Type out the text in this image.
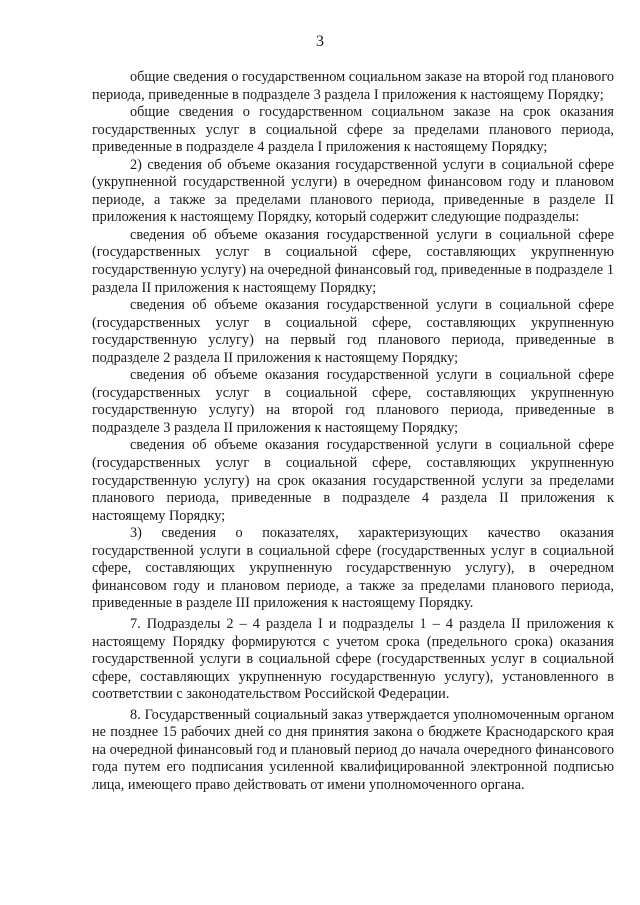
3

общие сведения о государственном социальном заказе на второй год планового периода, приведенные в подразделе 3 раздела I приложения к настоящему Порядку;

общие сведения о государственном социальном заказе на срок оказания государственных услуг в социальной сфере за пределами планового периода, приведенные в подразделе 4 раздела I приложения к настоящему Порядку;

2) сведения об объеме оказания государственной услуги в социальной сфере (укрупненной государственной услуги) в очередном финансовом году и плановом периоде, а также за пределами планового периода, приведенные в разделе II приложения к настоящему Порядку, который содержит следующие подразделы:

сведения об объеме оказания государственной услуги в социальной сфере (государственных услуг в социальной сфере, составляющих укрупненную государственную услугу) на очередной финансовый год, приведенные в подразделе 1 раздела II приложения к настоящему Порядку;

сведения об объеме оказания государственной услуги в социальной сфере (государственных услуг в социальной сфере, составляющих укрупненную государственную услугу) на первый год планового периода, приведенные в подразделе 2 раздела II приложения к настоящему Порядку;

сведения об объеме оказания государственной услуги в социальной сфере (государственных услуг в социальной сфере, составляющих укрупненную государственную услугу) на второй год планового периода, приведенные в подразделе 3 раздела II приложения к настоящему Порядку;

сведения об объеме оказания государственной услуги в социальной сфере (государственных услуг в социальной сфере, составляющих укрупненную государственную услугу) на срок оказания государственной услуги за пределами планового периода, приведенные в подразделе 4 раздела II приложения к настоящему Порядку;

3) сведения о показателях, характеризующих качество оказания государственной услуги в социальной сфере (государственных услуг в социальной сфере, составляющих укрупненную государственную услугу), в очередном финансовом году и плановом периоде, а также за пределами планового периода, приведенные в разделе III приложения к настоящему Порядку.

7. Подразделы 2 – 4 раздела I и подразделы 1 – 4 раздела II приложения к настоящему Порядку формируются с учетом срока (предельного срока) оказания государственной услуги в социальной сфере (государственных услуг в социальной сфере, составляющих укрупненную государственную услугу), установленного в соответствии с законодательством Российской Федерации.

8. Государственный социальный заказ утверждается уполномоченным органом не позднее 15 рабочих дней со дня принятия закона о бюджете Краснодарского края на очередной финансовый год и плановый период до начала очередного финансового года путем его подписания усиленной квалифицированной электронной подписью лица, имеющего право действовать от имени уполномоченного органа.
